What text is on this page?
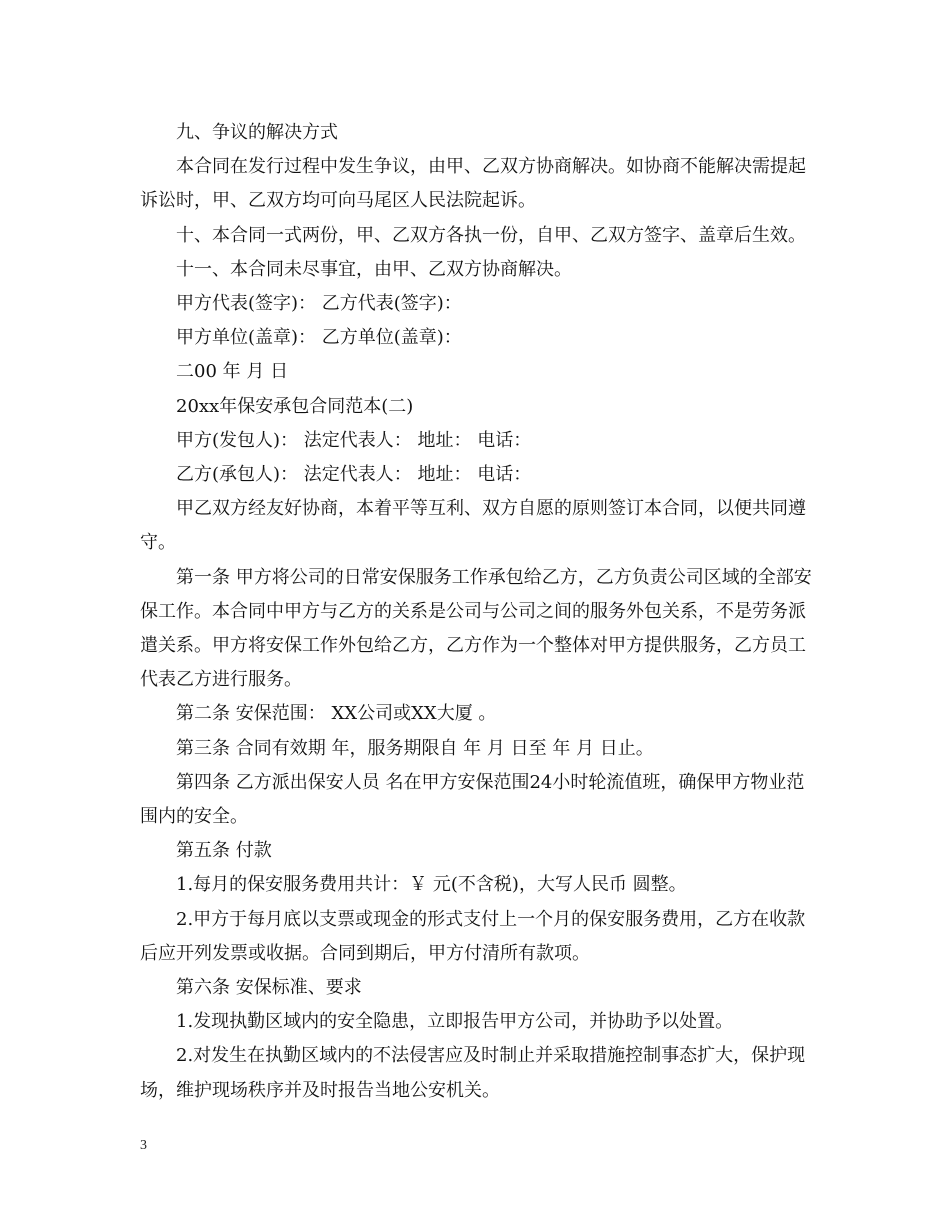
九、争议的解决方式

本合同在发行过程中发生争议，由甲、乙双方协商解决。如协商不能解决需提起诉讼时，甲、乙双方均可向马尾区人民法院起诉。

十、本合同一式两份，甲、乙双方各执一份，自甲、乙双方签字、盖章后生效。

十一、本合同未尽事宜，由甲、乙双方协商解决。

甲方代表(签字)： 乙方代表(签字)：

甲方单位(盖章)： 乙方单位(盖章)：

二00 年 月 日

20xx年保安承包合同范本(二)

甲方(发包人)： 法定代表人： 地址： 电话：

乙方(承包人)： 法定代表人： 地址： 电话：

甲乙双方经友好协商，本着平等互利、双方自愿的原则签订本合同，以便共同遵守。

第一条 甲方将公司的日常安保服务工作承包给乙方，乙方负责公司区域的全部安保工作。本合同中甲方与乙方的关系是公司与公司之间的服务外包关系，不是劳务派遣关系。甲方将安保工作外包给乙方，乙方作为一个整体对甲方提供服务，乙方员工代表乙方进行服务。

第二条 安保范围： XX公司或XX大厦 。

第三条 合同有效期 年，服务期限自 年 月 日至 年 月 日止。

第四条 乙方派出保安人员 名在甲方安保范围24小时轮流值班，确保甲方物业范围内的安全。

第五条 付款

1.每月的保安服务费用共计：￥ 元(不含税)，大写人民币 圆整。

2.甲方于每月底以支票或现金的形式支付上一个月的保安服务费用，乙方在收款后应开列发票或收据。合同到期后，甲方付清所有款项。

第六条 安保标准、要求

1.发现执勤区域内的安全隐患，立即报告甲方公司，并协助予以处置。

2.对发生在执勤区域内的不法侵害应及时制止并采取措施控制事态扩大，保护现场，维护现场秩序并及时报告当地公安机关。

3
